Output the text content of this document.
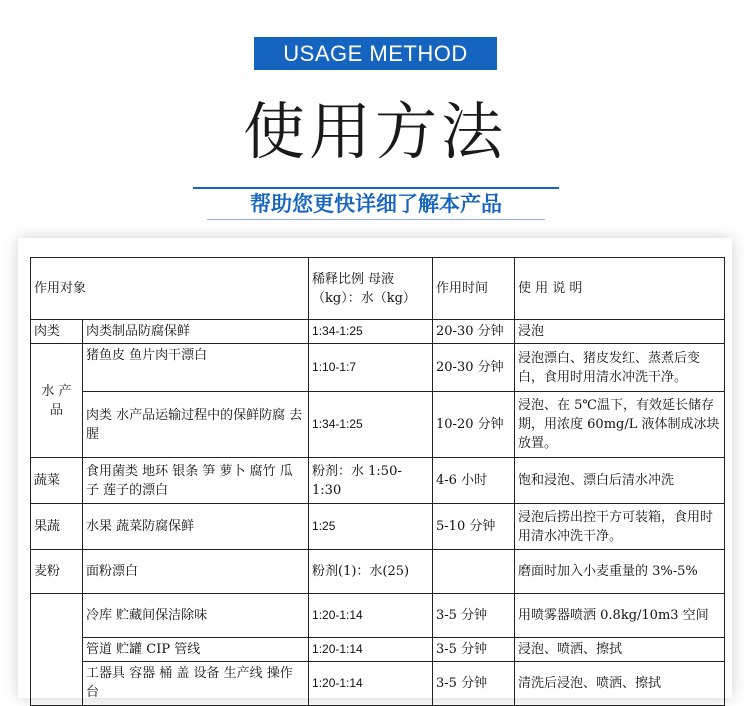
USAGE METHOD
使用方法
帮助您更快详细了解本产品
作用对象		稀释比例 母液（kg）：水（kg）	作用时间	使 用 说 明
肉类	肉类制品防腐保鲜	1:34-1:25	20-30 分钟	浸泡
水 产 品	猪鱼皮 鱼片肉干漂白	1:10-1:7	20-30 分钟	浸泡漂白、猪皮发红、蒸煮后变白，食用时用清水冲洗干净。
	肉类 水产品运输过程中的保鲜防腐 去腥	1:34-1:25	10-20 分钟	浸泡、在 5℃温下，有效延长储存期，用浓度 60mg/L 液体制成冰块放置。
蔬菜	食用菌类 地环 银条 笋 萝卜 腐竹 瓜子 莲子的漂白	粉剂：水 1:50-1:30	4-6 小时	饱和浸泡、漂白后清水冲洗
果蔬	水果 蔬菜防腐保鲜	1:25	5-10 分钟	浸泡后捞出控干方可装箱，食用时用清水冲洗干净。
麦粉	面粉漂白	粉剂(1)：水(25)		磨面时加入小麦重量的 3%-5%
	冷库 贮藏间保洁除味	1:20-1:14	3-5 分钟	用喷雾器喷洒 0.8kg/10m3 空间
	管道 贮罐 CIP 管线	1:20-1:14	3-5 分钟	浸泡、喷洒、擦拭
	工器具 容器 桶 盖 设备 生产线 操作台	1:20-1:14	3-5 分钟	清洗后浸泡、喷洒、擦拭
